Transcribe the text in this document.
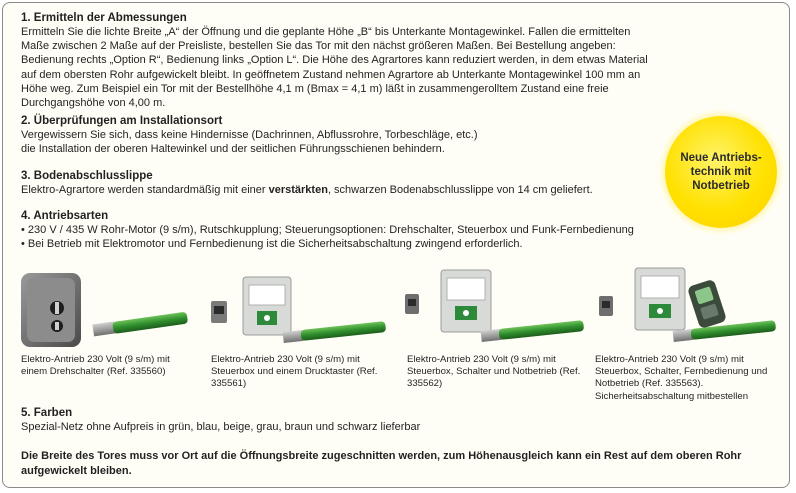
1. Ermitteln der Abmessungen

Ermitteln Sie die lichte Breite „A“ der Öffnung und die geplante Höhe „B“ bis Unterkante Montagewinkel. Fallen die ermittelten Maße zwischen 2 Maße auf der Preisliste, bestellen Sie das Tor mit den nächst größeren Maßen. Bei Bestellung angeben: Bedienung rechts „Option R“, Bedienung links „Option L“. Die Höhe des Agrartores kann reduziert werden, in dem etwas Material auf dem obersten Rohr aufgewickelt bleibt. In geöffnetem Zustand nehmen Agrartore ab Unterkante Montagewinkel 100 mm an Höhe weg. Zum Beispiel ein Tor mit der Bestellhöhe 4,1 m (Bmax = 4,1 m) läßt in zusammengerolltem Zustand eine freie Durchgangshöhe von 4,00 m.

2. Überprüfungen am Installationsort

Vergewissern Sie sich, dass keine Hindernisse (Dachrinnen, Abflussrohre, Torbeschläge, etc.)

die Installation der oberen Haltewinkel und der seitlichen Führungsschienen behindern.

3. Bodenabschlusslippe

Elektro-Agrartore werden standardmäßig mit einer verstärkten, schwarzen Bodenabschlusslippe von 14 cm geliefert.

4. Antriebsarten
• 230 V / 435 W Rohr-Motor (9 s/m), Rutschkupplung; Steuerungsoptionen: Drehschalter, Steuerbox und Funk-Fernbedienung
• Bei Betrieb mit Elektromotor und Fernbedienung ist die Sicherheitsabschaltung zwingend erforderlich.
Neue Antriebs-technik mit Notbetrieb
Elektro-Antrieb 230 Volt (9 s/m) mit einem Drehschalter (Ref. 335560)
Elektro-Antrieb 230 Volt (9 s/m) mit Steuerbox und einem Drucktaster (Ref. 335561)
Elektro-Antrieb 230 Volt (9 s/m) mit Steuerbox, Schalter und Notbetrieb (Ref. 335562)
Elektro-Antrieb 230 Volt (9 s/m) mit Steuerbox, Schalter, Fernbedienung und Notbetrieb (Ref. 335563). Sicherheitsabschaltung mitbestellen
5. Farben

Spezial-Netz ohne Aufpreis in grün, blau, beige, grau, braun und schwarz lieferbar

Die Breite des Tores muss vor Ort auf die Öffnungsbreite zugeschnitten werden, zum Höhenausgleich kann ein Rest auf dem oberen Rohr aufgewickelt bleiben.
